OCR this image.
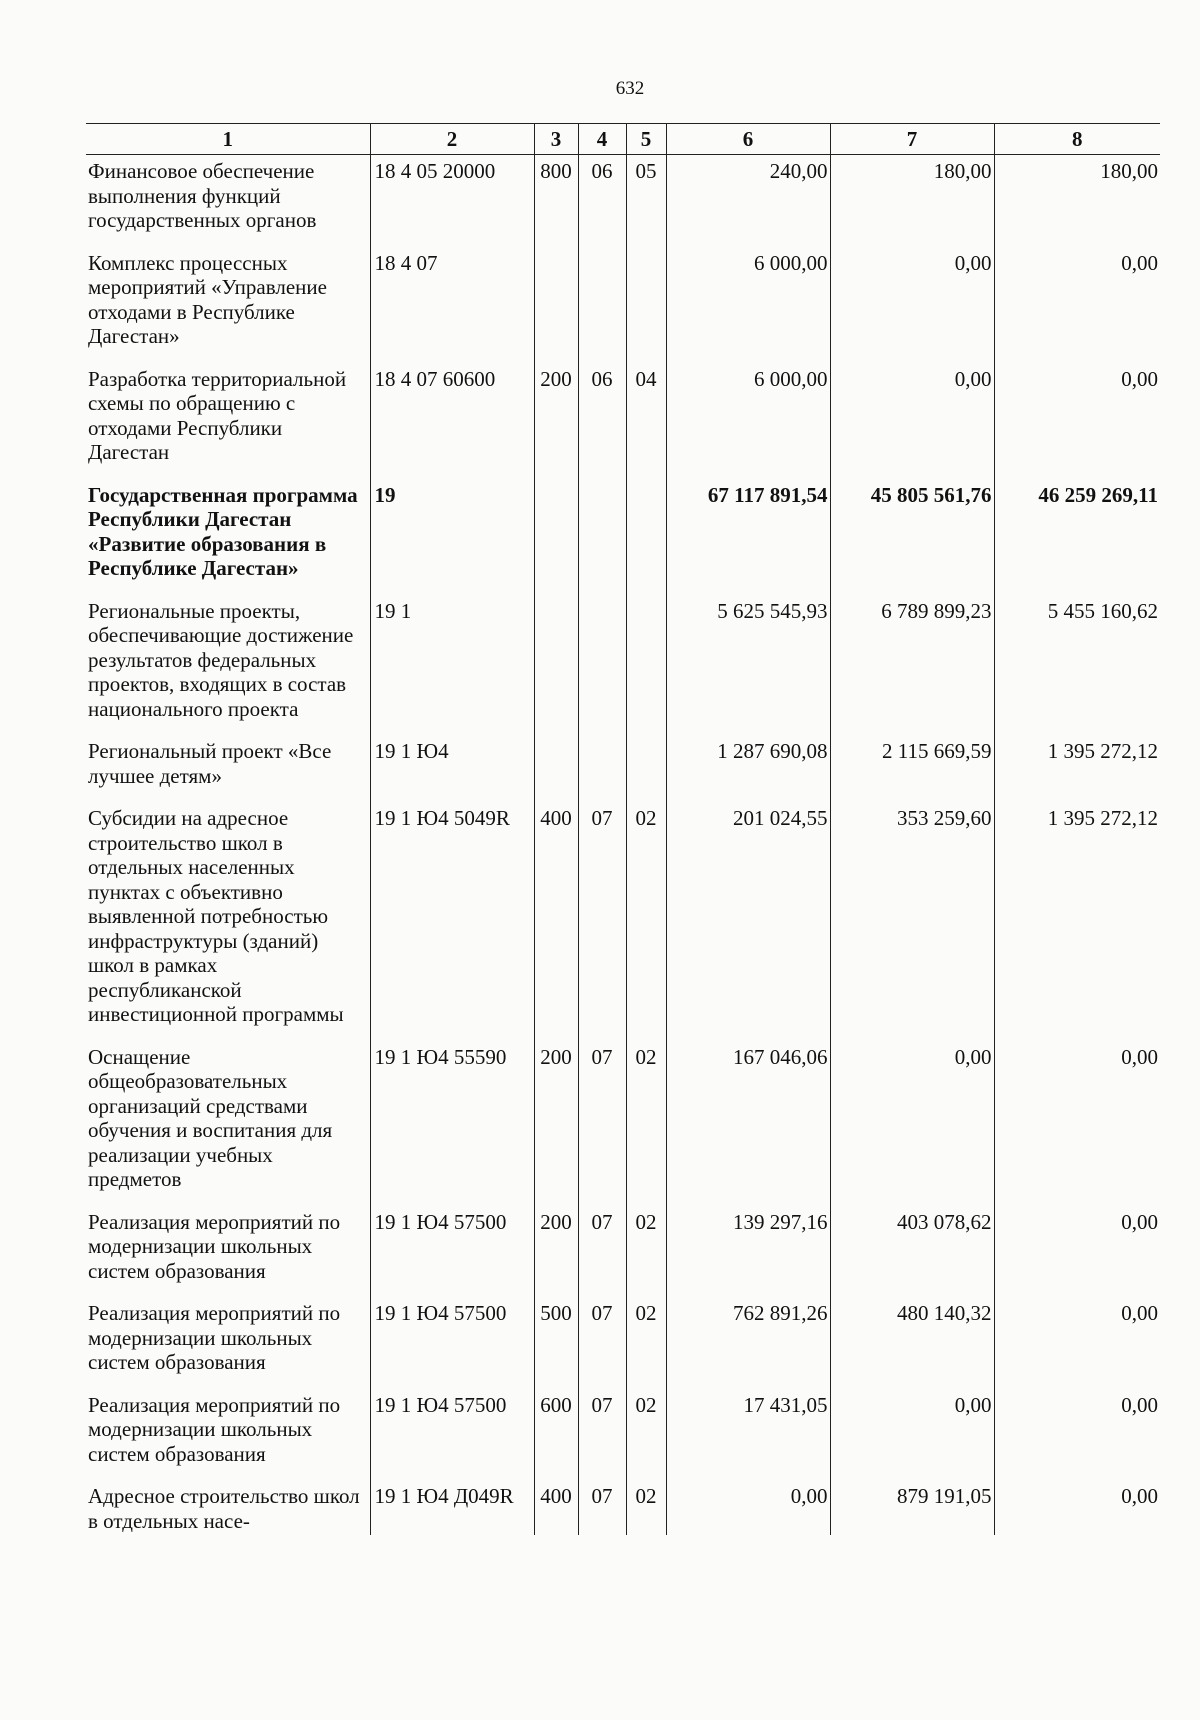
632
1	2	3	4	5	6	7	8
Финансовое обеспечение выполнения функций государственных органов	18 4 05 20000	800	06	05	240,00	180,00	180,00
Комплекс процессных мероприятий «Управление отходами в Республике Дагестан»	18 4 07				6 000,00	0,00	0,00
Разработка территориальной схемы по обращению с отходами Республики Дагестан	18 4 07 60600	200	06	04	6 000,00	0,00	0,00
Государственная программа Республики Дагестан «Развитие образования в Республике Дагестан»	19				67 117 891,54	45 805 561,76	46 259 269,11
Региональные проекты, обеспечивающие достижение результатов федеральных проектов, входящих в состав национального проекта	19 1				5 625 545,93	6 789 899,23	5 455 160,62
Региональный проект «Все лучшее детям»	19 1 Ю4				1 287 690,08	2 115 669,59	1 395 272,12
Субсидии на адресное строительство школ в отдельных населенных пунктах с объективно выявленной потребностью инфраструктуры (зданий) школ в рамках республиканской инвестиционной программы	19 1 Ю4 5049R	400	07	02	201 024,55	353 259,60	1 395 272,12
Оснащение общеобразовательных организаций средствами обучения и воспитания для реализации учебных предметов	19 1 Ю4 55590	200	07	02	167 046,06	0,00	0,00
Реализация мероприятий по модернизации школьных систем образования	19 1 Ю4 57500	200	07	02	139 297,16	403 078,62	0,00
Реализация мероприятий по модернизации школьных систем образования	19 1 Ю4 57500	500	07	02	762 891,26	480 140,32	0,00
Реализация мероприятий по модернизации школьных систем образования	19 1 Ю4 57500	600	07	02	17 431,05	0,00	0,00
Адресное строительство школ в отдельных насе-	19 1 Ю4 Д049R	400	07	02	0,00	879 191,05	0,00
